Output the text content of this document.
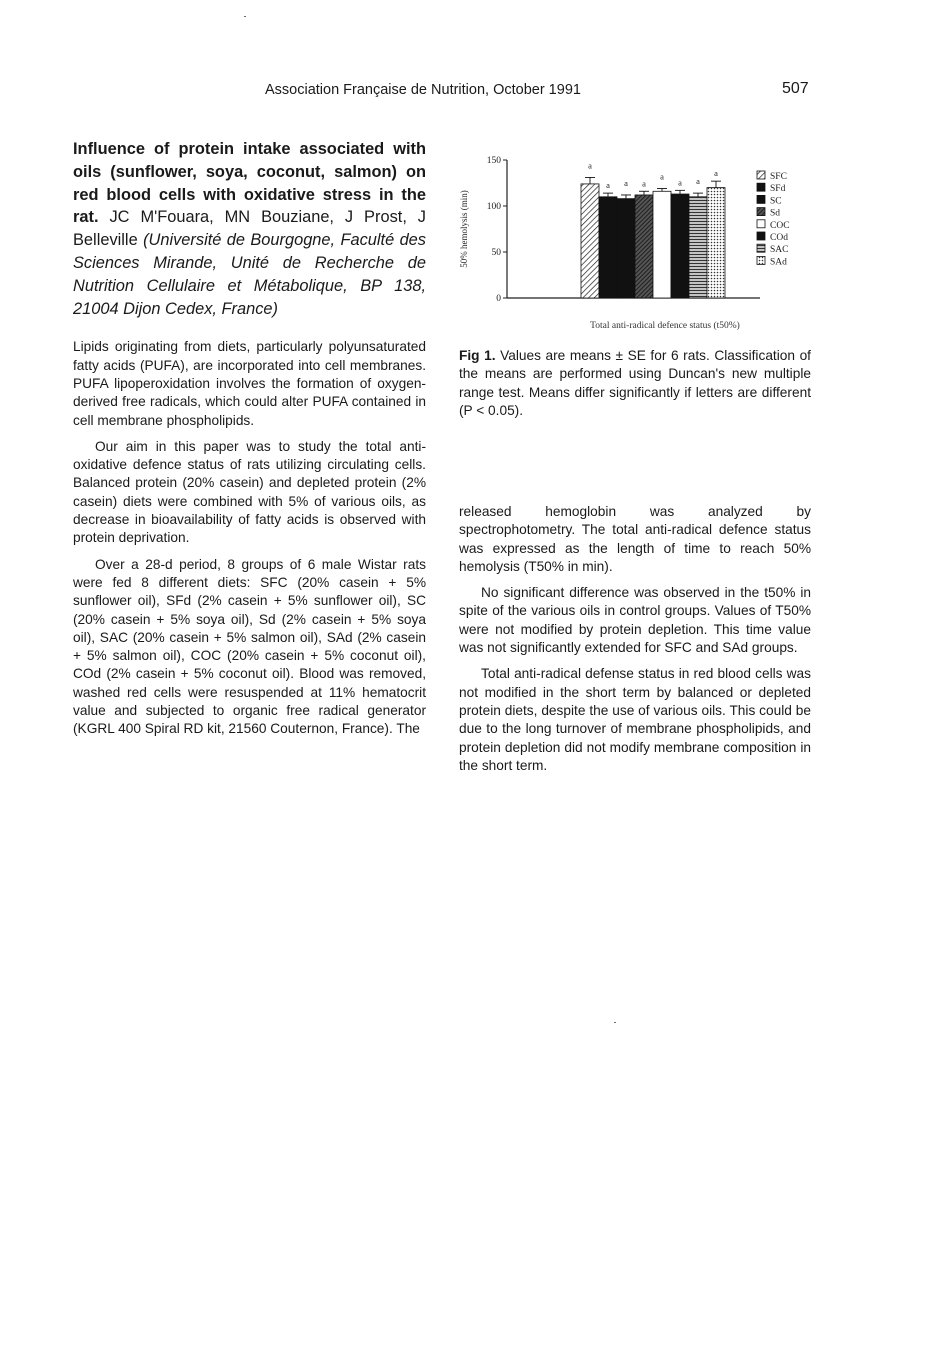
Association Française de Nutrition, October 1991	507

Influence of protein intake associated with oils (sunflower, soya, coconut, salmon) on red blood cells with oxidative stress in the rat. JC M'Fouara, MN Bouziane, J Prost, J Belleville (Université de Bourgogne, Faculté des Sciences Mirande, Unité de Recherche de Nutrition Cellulaire et Métabolique, BP 138, 21004 Dijon Cedex, France)

Lipids originating from diets, particularly polyunsaturated fatty acids (PUFA), are incorporated into cell membranes. PUFA lipoperoxidation involves the formation of oxygen-derived free radicals, which could alter PUFA contained in cell membrane phospholipids.

Our aim in this paper was to study the total anti-oxidative defence status of rats utilizing circulating cells. Balanced protein (20% casein) and depleted protein (2% casein) diets were combined with 5% of various oils, as decrease in bioavailability of fatty acids is observed with protein deprivation.

Over a 28-d period, 8 groups of 6 male Wistar rats were fed 8 different diets: SFC (20% casein + 5% sunflower oil), SFd (2% casein + 5% sunflower oil), SC (20% casein + 5% soya oil), Sd (2% casein + 5% soya oil), SAC (20% casein + 5% salmon oil), SAd (2% casein + 5% salmon oil), COC (20% casein + 5% coconut oil), COd (2% casein + 5% coconut oil). Blood was removed, washed red cells were resuspended at 11% hematocrit value and subjected to organic free radical generator (KGRL 400 Spiral RD kit, 21560 Couternon, France). The

0
50
100
150
50% hemolysis (min)
a
a a a
a
a a
a	SFC
SFd
SC
Sd
COC
COd
SAC
SAd
Total anti-radical defence status (t50%)
Fig 1. Values are means ± SE for 6 rats. Classification of the means are performed using Duncan's new multiple range test. Means differ significantly if letters are different (P < 0.05).

released hemoglobin was analyzed by spectrophotometry. The total anti-radical defence status was expressed as the length of time to reach 50% hemolysis (T50% in min).

No significant difference was observed in the t50% in spite of the various oils in control groups. Values of T50% were not modified by protein depletion. This time value was not significantly extended for SFC and SAd groups.

Total anti-radical defense status in red blood cells was not modified in the short term by balanced or depleted protein diets, despite the use of various oils. This could be due to the long turnover of membrane phospholipids, and protein depletion did not modify membrane composition in the short term.
